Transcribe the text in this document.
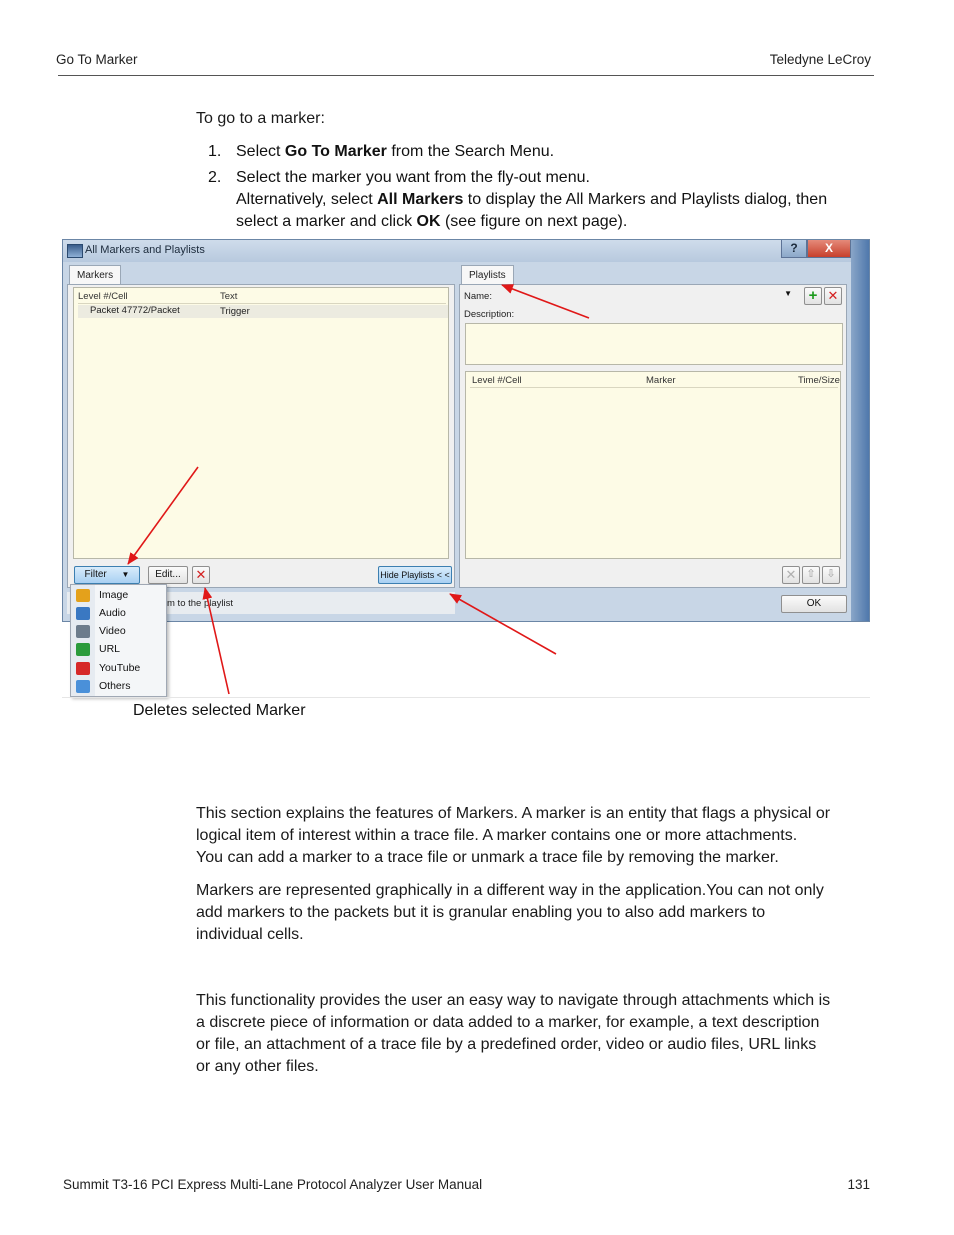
Go To Marker	Teledyne LeCroy
To go to a marker:
1. Select Go To Marker from the Search Menu.
2. Select the marker you want from the fly-out menu.
Alternatively, select All Markers to display the All Markers and Playlists dialog, then
select a marker and click OK (see figure on next page).
All Markers and Playlists	?	X
Markers
Level #/Cell	Text
Packet 47772/Packet	Trigger
Filter ▼	Edit...	✕	Hide Playlists < <
m to the playlist
Playlists
Name:	▼	+ ✕
Description:
Level #/Cell	Marker	Time/Size
✕ ⇧ ⇩
OK
Image
Audio
Video
URL
YouTube
Others
Deletes selected Marker
This section explains the features of Markers. A marker is an entity that flags a physical or
logical item of interest within a trace file. A marker contains one or more attachments.
You can add a marker to a trace file or unmark a trace file by removing the marker.
Markers are represented graphically in a different way in the application.You can not only
add markers to the packets but it is granular enabling you to also add markers to
individual cells.
This functionality provides the user an easy way to navigate through attachments which is
a discrete piece of information or data added to a marker, for example, a text description
or file, an attachment of a trace file by a predefined order, video or audio files, URL links
or any other files.
Summit T3-16 PCI Express Multi-Lane Protocol Analyzer User Manual	131
